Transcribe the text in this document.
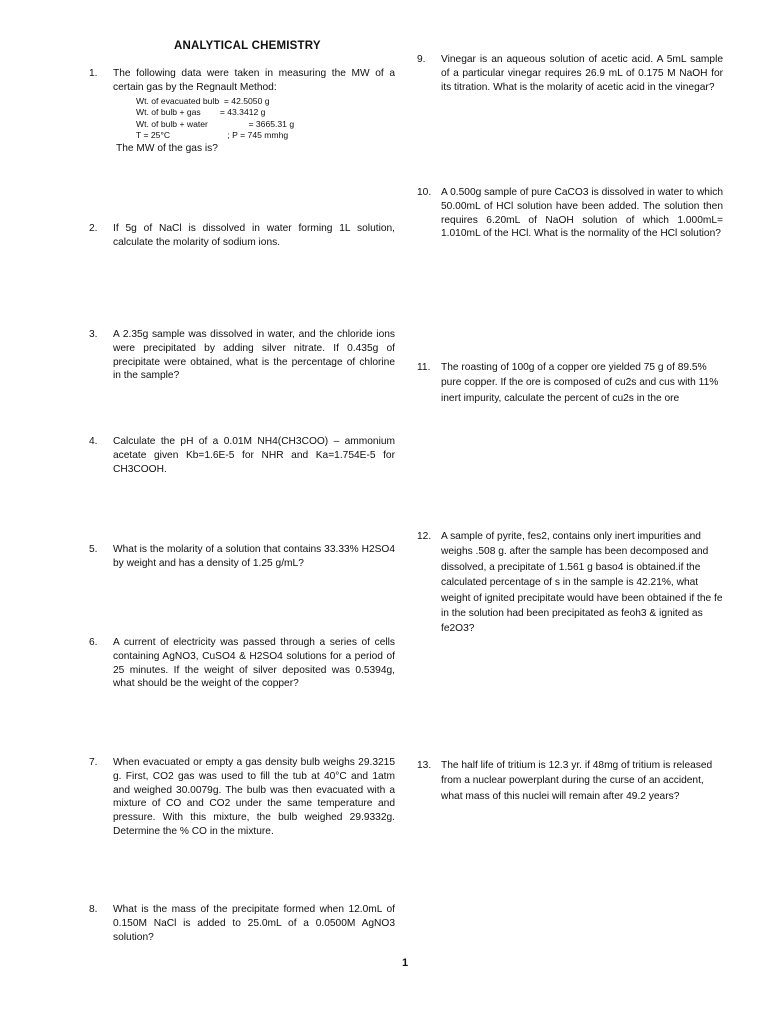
ANALYTICAL CHEMISTRY
1. The following data were taken in measuring the MW of a certain gas by the Regnault Method:
Wt. of evacuated bulb  = 42.5050 g
Wt. of bulb + gas        = 43.3412 g
Wt. of bulb + water                 = 3665.31 g
T = 25°C                        ; P = 745 mmhg
The MW of the gas is?
2. If 5g of NaCl is dissolved in water forming 1L solution, calculate the molarity of sodium ions.
3. A 2.35g sample was dissolved in water, and the chloride ions were precipitated by adding silver nitrate. If 0.435g of precipitate were obtained, what is the percentage of chlorine in the sample?
4. Calculate the pH of a 0.01M NH4(CH3COO) – ammonium acetate given Kb=1.6E-5 for NHR and Ka=1.754E-5 for CH3COOH.
5. What is the molarity of a solution that contains 33.33% H2SO4 by weight and has a density of 1.25 g/mL?
6. A current of electricity was passed through a series of cells containing AgNO3, CuSO4 & H2SO4 solutions for a period of 25 minutes. If the weight of silver deposited was 0.5394g, what should be the weight of the copper?
7. When evacuated or empty a gas density bulb weighs 29.3215 g. First, CO2 gas was used to fill the tub at 40°C and 1atm and weighed 30.0079g. The bulb was then evacuated with a mixture of CO and CO2 under the same temperature and pressure. With this mixture, the bulb weighed 29.9332g. Determine the % CO in the mixture.
8. What is the mass of the precipitate formed when 12.0mL of 0.150M NaCl is added to 25.0mL of a 0.0500M AgNO3 solution?
9. Vinegar is an aqueous solution of acetic acid. A 5mL sample of a particular vinegar requires 26.9 mL of 0.175 M NaOH for its titration. What is the molarity of acetic acid in the vinegar?
10. A 0.500g sample of pure CaCO3 is dissolved in water to which 50.00mL of HCl solution have been added. The solution then requires 6.20mL of NaOH solution of which 1.000mL= 1.010mL of the HCl. What is the normality of the HCl solution?
11. The roasting of 100g of a copper ore yielded 75 g of 89.5% pure copper. If the ore is composed of cu2s and cus with 11% inert impurity, calculate the percent of cu2s in the ore
12. A sample of pyrite, fes2, contains only inert impurities and weighs .508 g. after the sample has been decomposed and dissolved, a precipitate of 1.561 g baso4 is obtained.if the calculated percentage of s in the sample is 42.21%, what weight of ignited precipitate would have been obtained if the fe in the solution had been precipitated as feoh3 & ignited as fe2O3?
13. The half life of tritium is 12.3 yr. if 48mg of tritium is released from a nuclear powerplant during the curse of an accident, what mass of this nuclei will remain after 49.2 years?
1
